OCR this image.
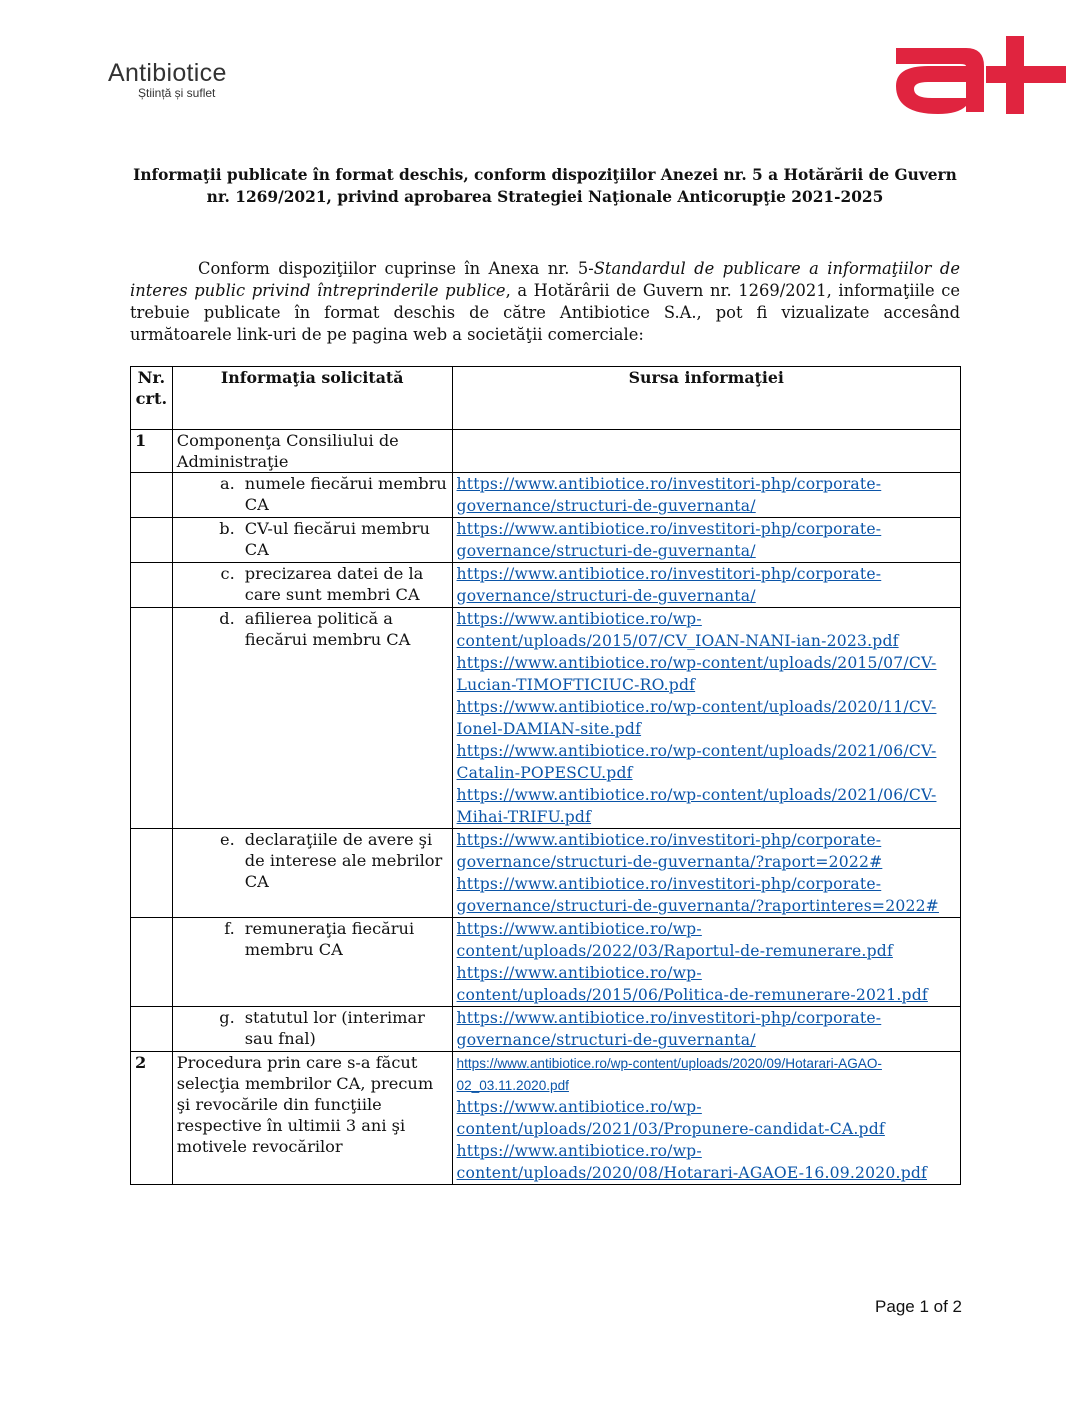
Antibiotice
Știință și suflet
Informaţii publicate în format deschis, conform dispoziţiilor Anezei nr. 5 a Hotărării de Guvern nr. 1269/2021, privind aprobarea Strategiei Naţionale Anticorupţie 2021-2025
Conform dispoziţiilor cuprinse în Anexa nr. 5-Standardul de publicare a informaţiilor de interes public privind întreprinderile publice, a Hotărârii de Guvern nr. 1269/2021, informaţiile ce trebuie publicate în format deschis de către Antibiotice S.A., pot fi vizualizate accesând următoarele link-uri de pe pagina web a societăţii comerciale:
Nr. crt.	Informaţia solicitată	Sursa informaţiei
1	Componenţa Consiliului de Administraţie	

	a. numele fiecărui membru CA	https://www.antibiotice.ro/investitori-php/corporate-governance/structuri-de-guvernanta/

	b. CV-ul fiecărui membru CA	https://www.antibiotice.ro/investitori-php/corporate-governance/structuri-de-guvernanta/

	c. precizarea datei de la care sunt membri CA	https://www.antibiotice.ro/investitori-php/corporate-governance/structuri-de-guvernanta/

	d. afilierea politică a fiecărui membru CA	https://www.antibiotice.ro/wp-content/uploads/2015/07/CV_IOAN-NANI-ian-2023.pdf
https://www.antibiotice.ro/wp-content/uploads/2015/07/CV-Lucian-TIMOFTICIUC-RO.pdf
https://www.antibiotice.ro/wp-content/uploads/2020/11/CV-Ionel-DAMIAN-site.pdf
https://www.antibiotice.ro/wp-content/uploads/2021/06/CV-Catalin-POPESCU.pdf
https://www.antibiotice.ro/wp-content/uploads/2021/06/CV-Mihai-TRIFU.pdf

	e. declaraţiile de avere şi de interese ale mebrilor CA	https://www.antibiotice.ro/investitori-php/corporate-governance/structuri-de-guvernanta/?raport=2022#
https://www.antibiotice.ro/investitori-php/corporate-governance/structuri-de-guvernanta/?raportinteres=2022#

	f. remuneraţia fiecărui membru CA	https://www.antibiotice.ro/wp-content/uploads/2022/03/Raportul-de-remunerare.pdf
https://www.antibiotice.ro/wp-content/uploads/2015/06/Politica-de-remunerare-2021.pdf

	g. statutul lor (interimar sau fnal)	https://www.antibiotice.ro/investitori-php/corporate-governance/structuri-de-guvernanta/
2	Procedura prin care s-a făcut selecţia membrilor CA, precum şi revocările din funcţiile respective în ultimii 3 ani şi motivele revocărilor	https://www.antibiotice.ro/wp-content/uploads/2020/09/Hotarari-AGAO-02_03.11.2020.pdf
https://www.antibiotice.ro/wp-content/uploads/2021/03/Propunere-candidat-CA.pdf
https://www.antibiotice.ro/wp-content/uploads/2020/08/Hotarari-AGAOE-16.09.2020.pdf
Page 1 of 2
